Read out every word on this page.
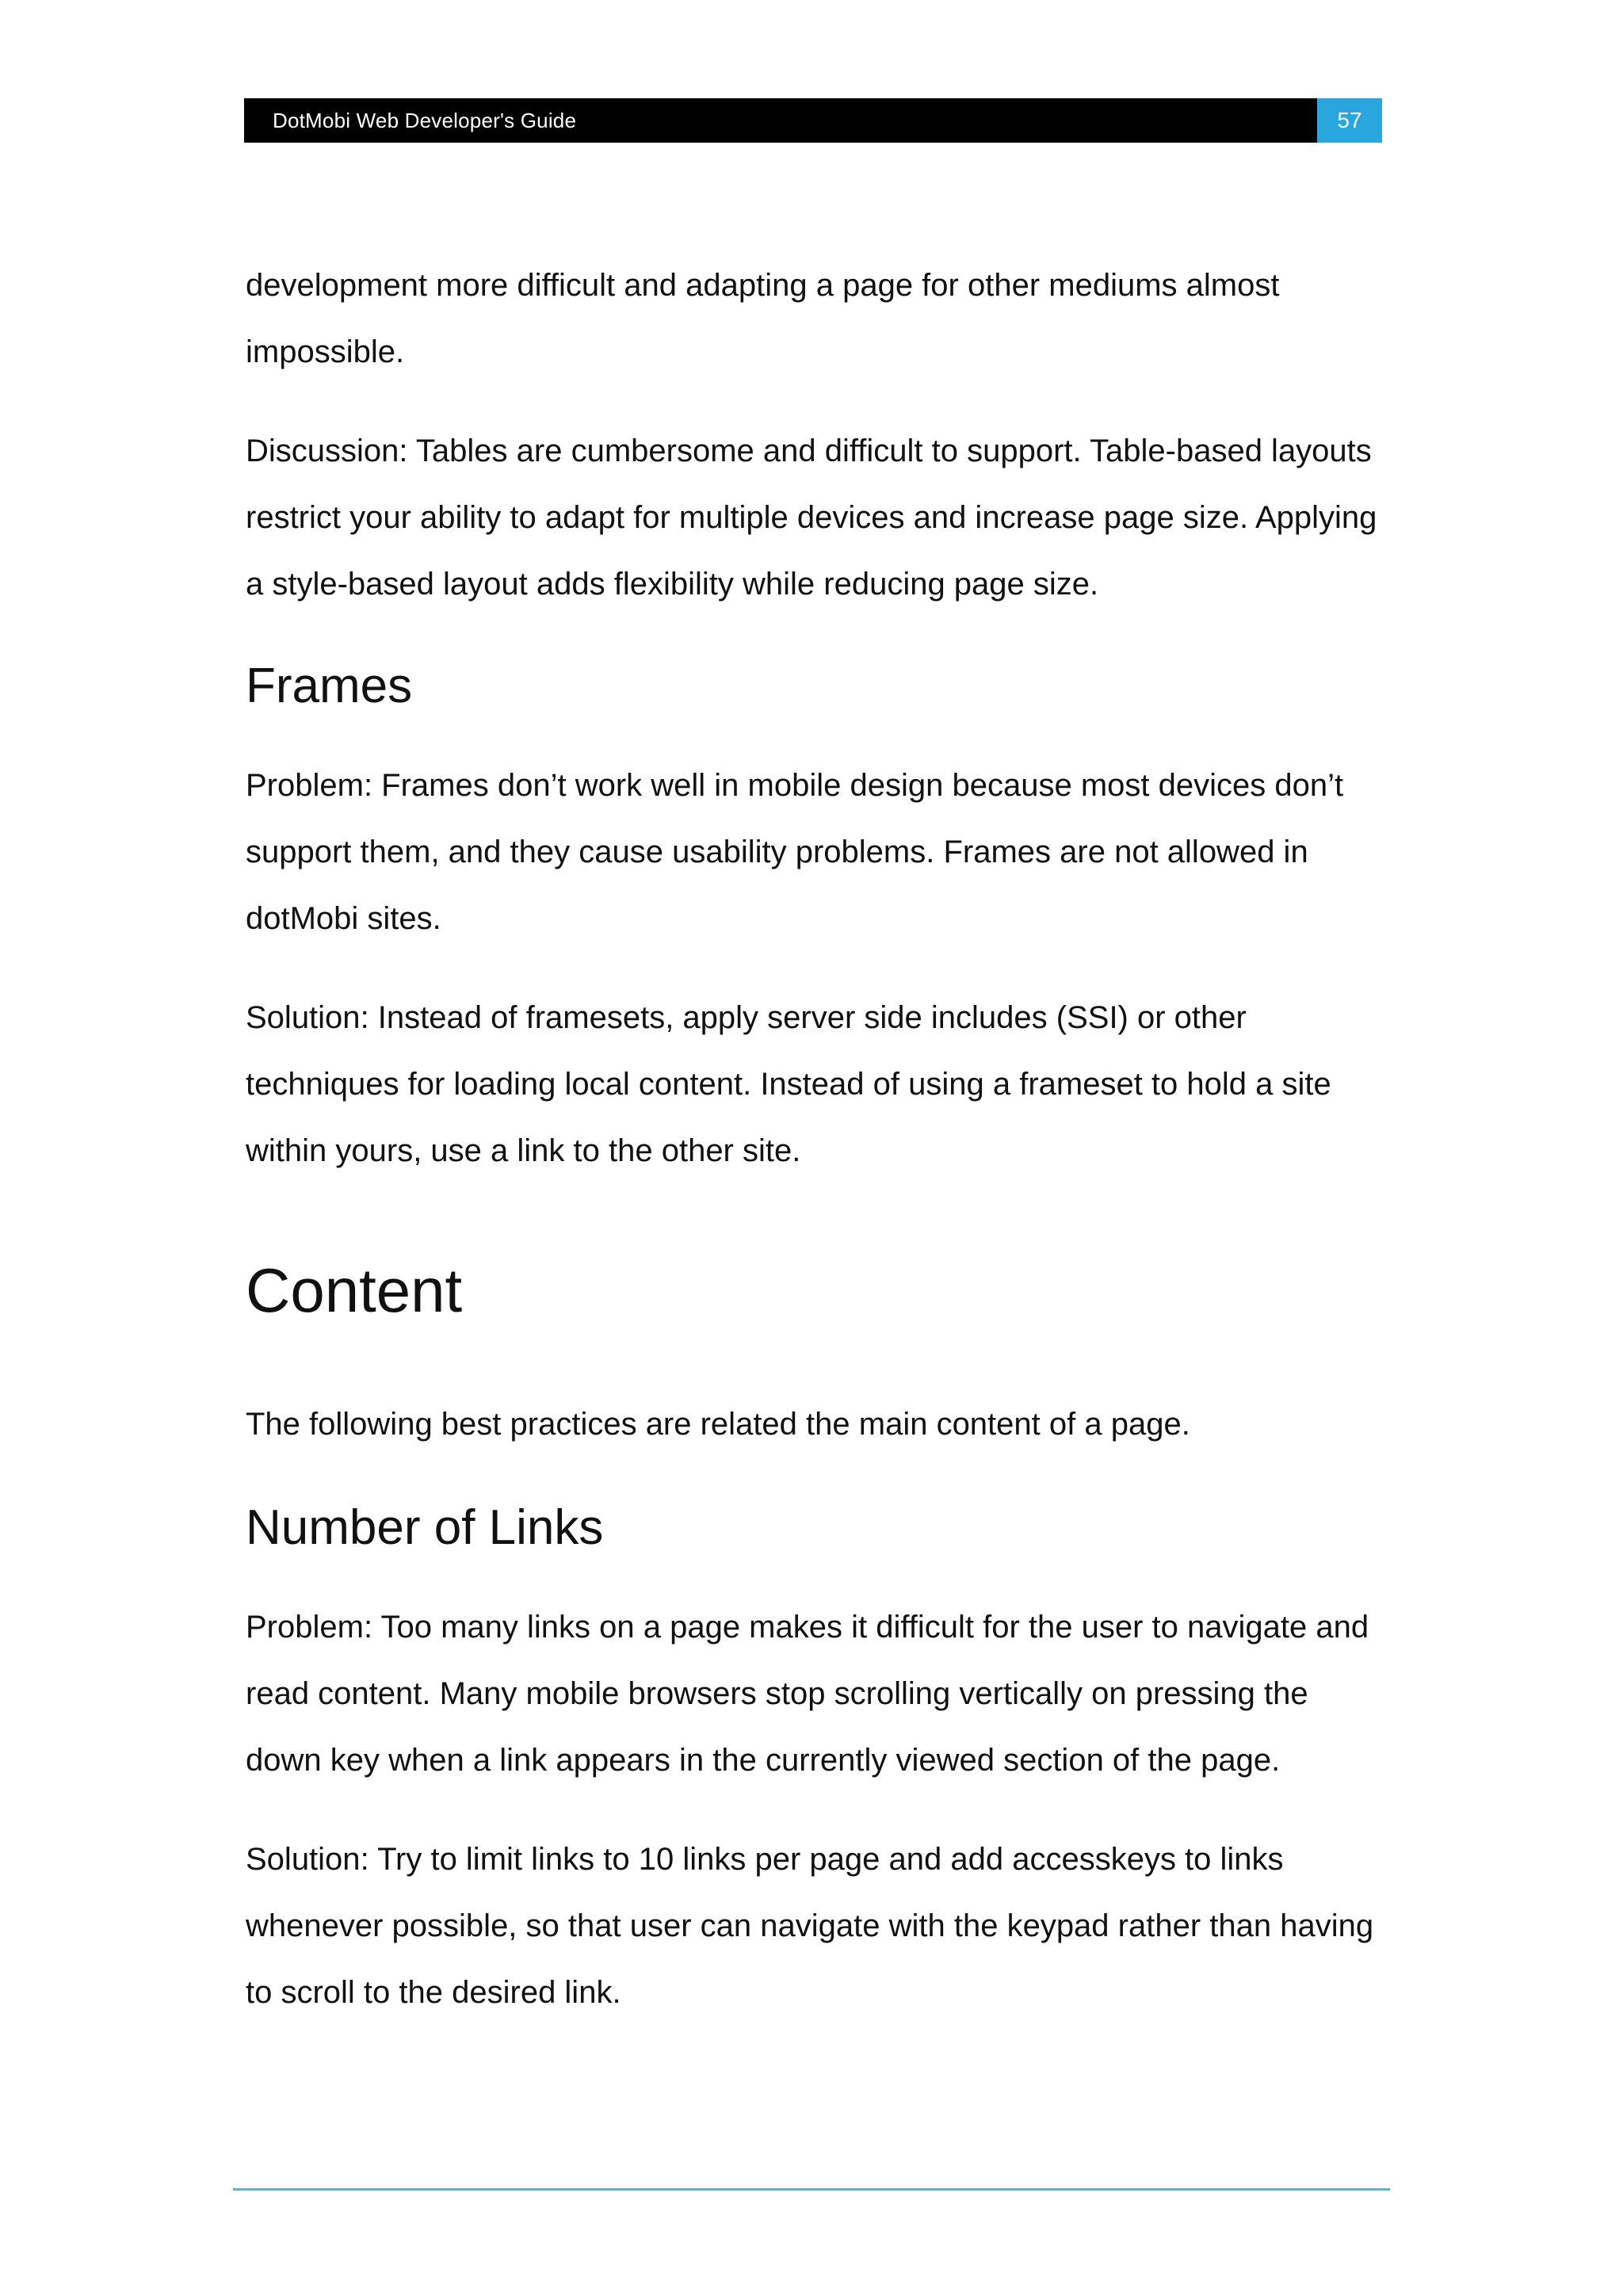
DotMobi Web Developer's Guide	57

development more difficult and adapting a page for other mediums almost impossible.

Discussion: Tables are cumbersome and difficult to support. Table-based layouts restrict your ability to adapt for multiple devices and increase page size. Applying a style-based layout adds flexibility while reducing page size.

Frames

Problem: Frames don’t work well in mobile design because most devices don’t support them, and they cause usability problems. Frames are not allowed in dotMobi sites.

Solution: Instead of framesets, apply server side includes (SSI) or other techniques for loading local content. Instead of using a frameset to hold a site within yours, use a link to the other site.

Content

The following best practices are related the main content of a page.

Number of Links

Problem: Too many links on a page makes it difficult for the user to navigate and read content. Many mobile browsers stop scrolling vertically on pressing the down key when a link appears in the currently viewed section of the page.

Solution: Try to limit links to 10 links per page and add accesskeys to links whenever possible, so that user can navigate with the keypad rather than having to scroll to the desired link.
